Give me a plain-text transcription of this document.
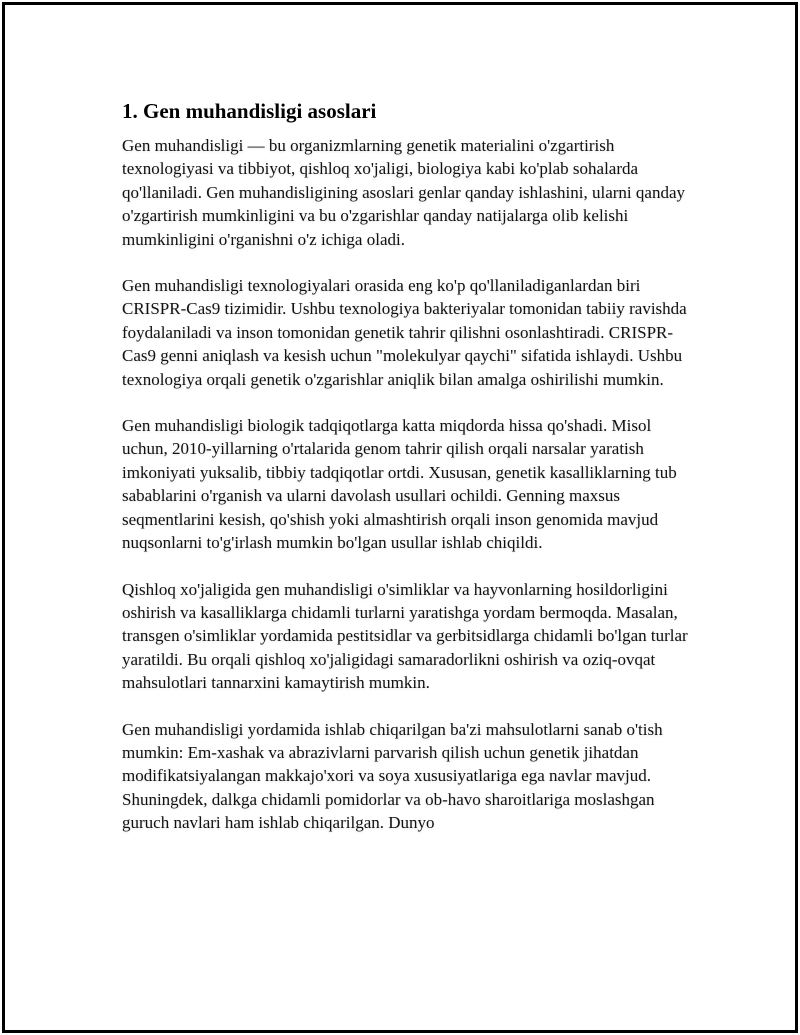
1. Gen muhandisligi asoslari

Gen muhandisligi — bu organizmlarning genetik materialini o'zgartirish texnologiyasi va tibbiyot, qishloq xo'jaligi, biologiya kabi ko'plab sohalarda qo'llaniladi. Gen muhandisligining asoslari genlar qanday ishlashini, ularni qanday o'zgartirish mumkinligini va bu o'zgarishlar qanday natijalarga olib kelishi mumkinligini o'rganishni o'z ichiga oladi.

Gen muhandisligi texnologiyalari orasida eng ko'p qo'llaniladiganlardan biri CRISPR-Cas9 tizimidir. Ushbu texnologiya bakteriyalar tomonidan tabiiy ravishda foydalaniladi va inson tomonidan genetik tahrir qilishni osonlashtiradi. CRISPR-Cas9 genni aniqlash va kesish uchun "molekulyar qaychi" sifatida ishlaydi. Ushbu texnologiya orqali genetik o'zgarishlar aniqlik bilan amalga oshirilishi mumkin.

Gen muhandisligi biologik tadqiqotlarga katta miqdorda hissa qo'shadi. Misol uchun, 2010-yillarning o'rtalarida genom tahrir qilish orqali narsalar yaratish imkoniyati yuksalib, tibbiy tadqiqotlar ortdi. Xususan, genetik kasalliklarning tub sabablarini o'rganish va ularni davolash usullari ochildi. Genning maxsus seqmentlarini kesish, qo'shish yoki almashtirish orqali inson genomida mavjud nuqsonlarni to'g'irlash mumkin bo'lgan usullar ishlab chiqildi.

Qishloq xo'jaligida gen muhandisligi o'simliklar va hayvonlarning hosildorligini oshirish va kasalliklarga chidamli turlarni yaratishga yordam bermoqda. Masalan, transgen o'simliklar yordamida pestitsidlar va gerbitsidlarga chidamli bo'lgan turlar yaratildi. Bu orqali qishloq xo'jaligidagi samaradorlikni oshirish va oziq-ovqat mahsulotlari tannarxini kamaytirish mumkin.

Gen muhandisligi yordamida ishlab chiqarilgan ba'zi mahsulotlarni sanab o'tish mumkin: Em-xashak va abrazivlarni parvarish qilish uchun genetik jihatdan modifikatsiyalangan makkajo'xori va soya xususiyatlariga ega navlar mavjud. Shuningdek, dalkga chidamli pomidorlar va ob-havo sharoitlariga moslashgan guruch navlari ham ishlab chiqarilgan. Dunyo
